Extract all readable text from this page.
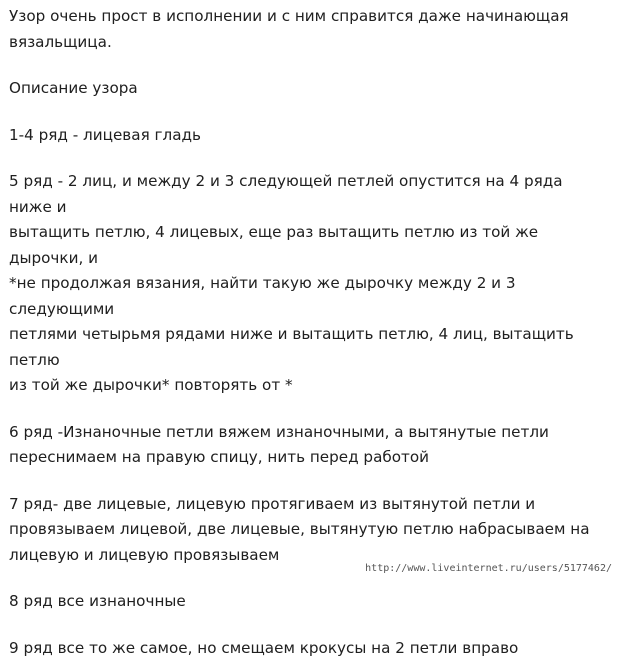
Узор очень прост в исполнении и с ним справится даже начинающая
вязальщица.

Описание узора

1-4 ряд - лицевая гладь

5 ряд - 2 лиц, и между 2 и 3 следующей петлей опустится на 4 ряда ниже и
вытащить петлю, 4 лицевых, еще раз вытащить петлю из той же дырочки, и
*не продолжая вязания, найти такую же дырочку между 2 и 3 следующими
петлями четырьмя рядами ниже и вытащить петлю, 4 лиц, вытащить петлю
из той же дырочки* повторять от *

6 ряд -Изнаночные петли вяжем изнаночными, а вытянутые петли
переснимаем на правую спицу, нить перед работой

7 ряд- две лицевые, лицевую протягиваем из вытянутой петли и
провязываем лицевой, две лицевые, вытянутую петлю набрасываем на
лицевую и лицевую провязываем

8 ряд все изнаночные

9 ряд все то же самое, но смещаем крокусы на 2 петли вправо

http://www.liveinternet.ru/users/5177462/
